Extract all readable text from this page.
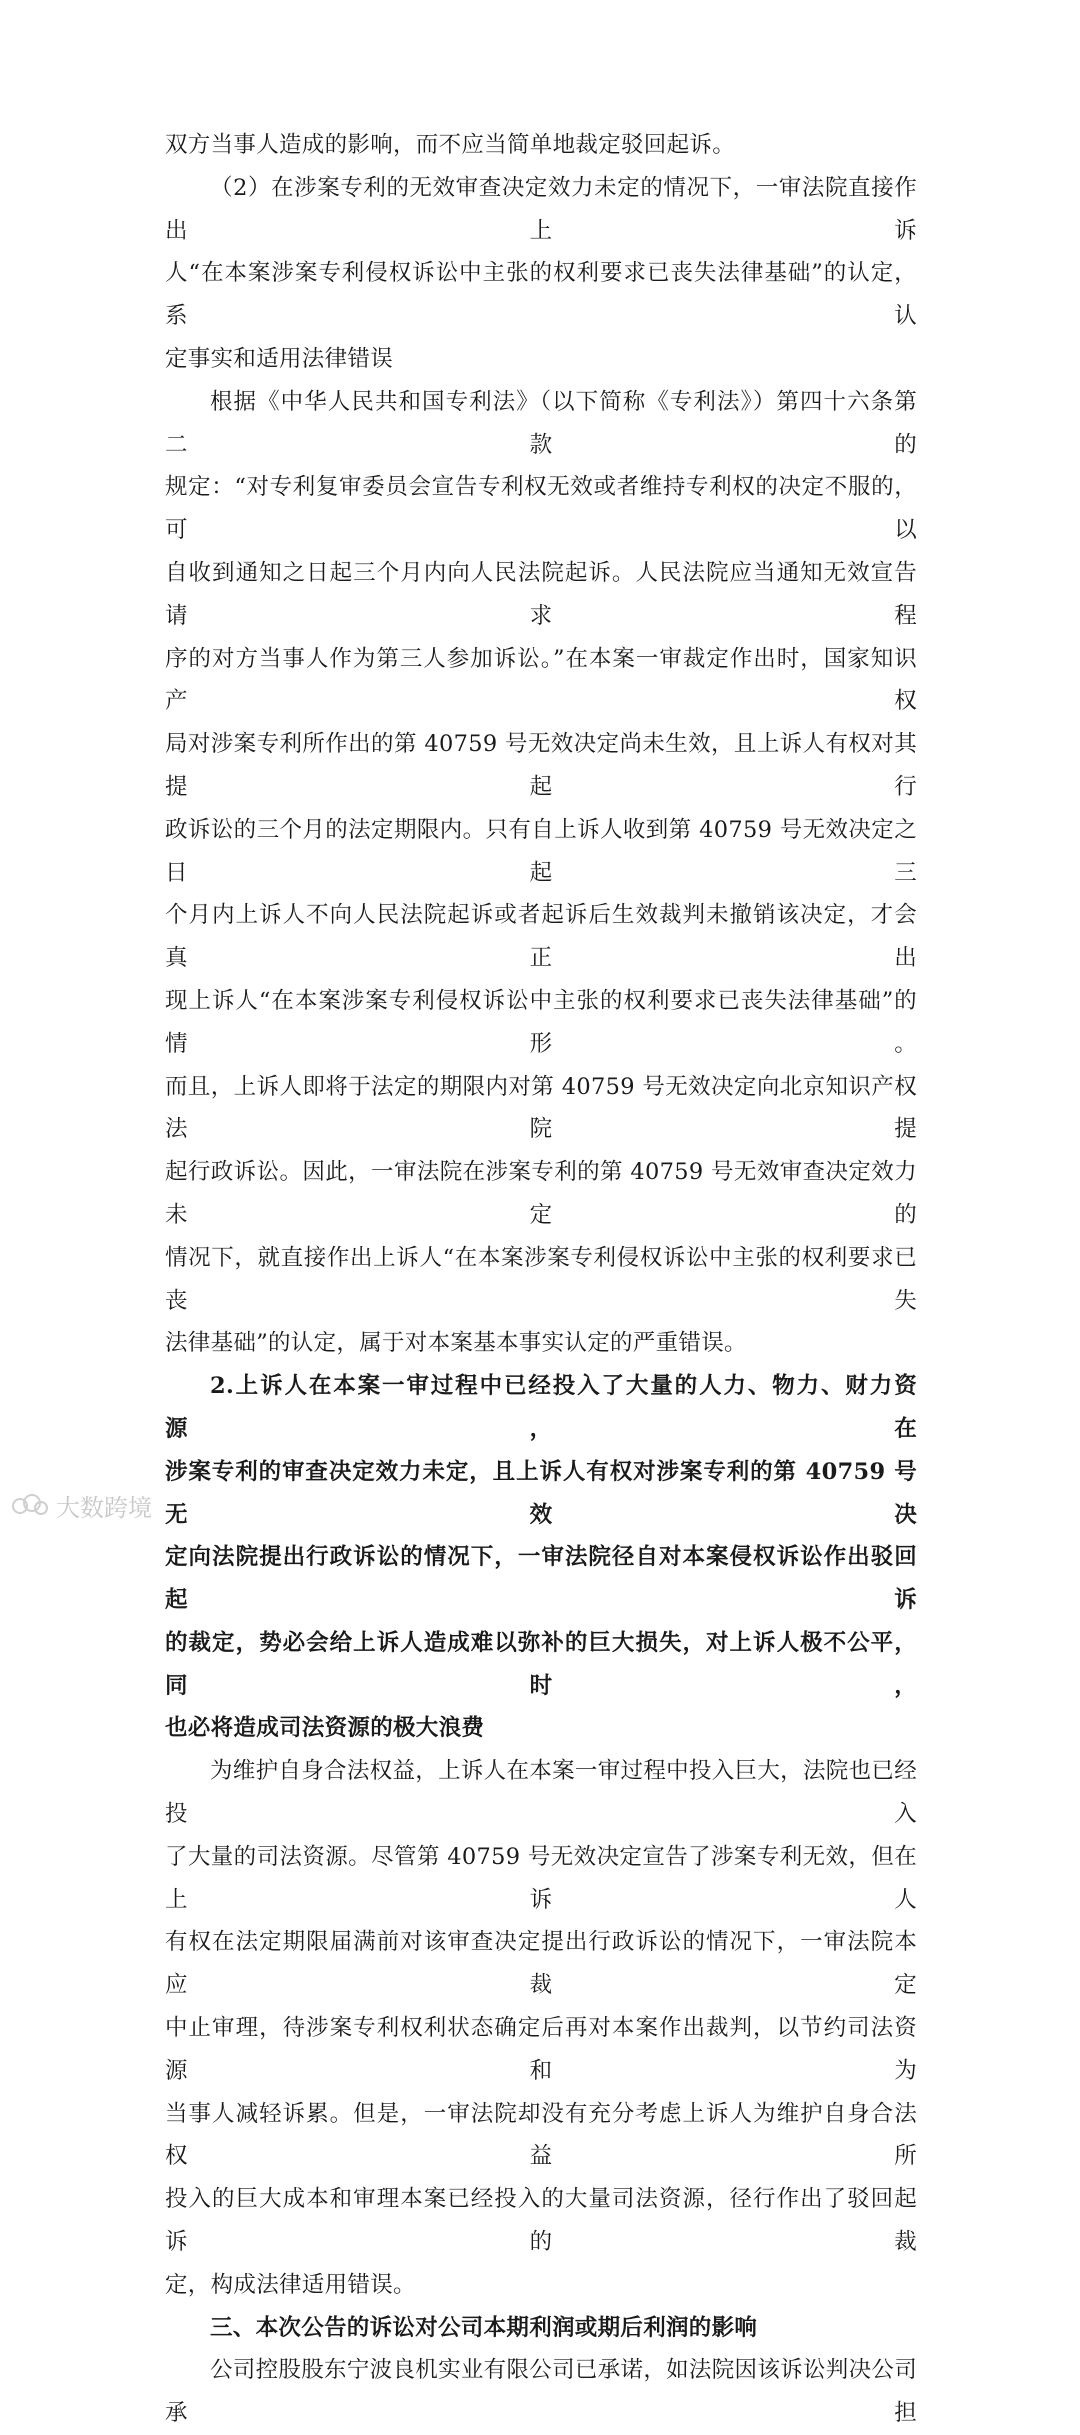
双方当事人造成的影响，而不应当简单地裁定驳回起诉。

（2）在涉案专利的无效审查决定效力未定的情况下，一审法院直接作出上诉

人“在本案涉案专利侵权诉讼中主张的权利要求已丧失法律基础”的认定，系认

定事实和适用法律错误

根据《中华人民共和国专利法》（以下简称《专利法》）第四十六条第二款的

规定：“对专利复审委员会宣告专利权无效或者维持专利权的决定不服的，可以

自收到通知之日起三个月内向人民法院起诉。人民法院应当通知无效宣告请求程

序的对方当事人作为第三人参加诉讼。”在本案一审裁定作出时，国家知识产权

局对涉案专利所作出的第 40759 号无效决定尚未生效，且上诉人有权对其提起行

政诉讼的三个月的法定期限内。只有自上诉人收到第 40759 号无效决定之日起三

个月内上诉人不向人民法院起诉或者起诉后生效裁判未撤销该决定，才会真正出

现上诉人“在本案涉案专利侵权诉讼中主张的权利要求已丧失法律基础”的情形。

而且，上诉人即将于法定的期限内对第 40759 号无效决定向北京知识产权法院提

起行政诉讼。因此，一审法院在涉案专利的第 40759 号无效审查决定效力未定的

情况下，就直接作出上诉人“在本案涉案专利侵权诉讼中主张的权利要求已丧失

法律基础”的认定，属于对本案基本事实认定的严重错误。

2.上诉人在本案一审过程中已经投入了大量的人力、物力、财力资源，在

涉案专利的审查决定效力未定，且上诉人有权对涉案专利的第 40759 号无效决

定向法院提出行政诉讼的情况下，一审法院径自对本案侵权诉讼作出驳回起诉

的裁定，势必会给上诉人造成难以弥补的巨大损失，对上诉人极不公平，同时，

也必将造成司法资源的极大浪费

为维护自身合法权益，上诉人在本案一审过程中投入巨大，法院也已经投入

了大量的司法资源。尽管第 40759 号无效决定宣告了涉案专利无效，但在上诉人

有权在法定期限届满前对该审查决定提出行政诉讼的情况下，一审法院本应裁定

中止审理，待涉案专利权利状态确定后再对本案作出裁判，以节约司法资源和为

当事人减轻诉累。但是，一审法院却没有充分考虑上诉人为维护自身合法权益所

投入的巨大成本和审理本案已经投入的大量司法资源，径行作出了驳回起诉的裁

定，构成法律适用错误。

三、本次公告的诉讼对公司本期利润或期后利润的影响

公司控股股东宁波良机实业有限公司已承诺，如法院因该诉讼判决公司承担

大数跨境
